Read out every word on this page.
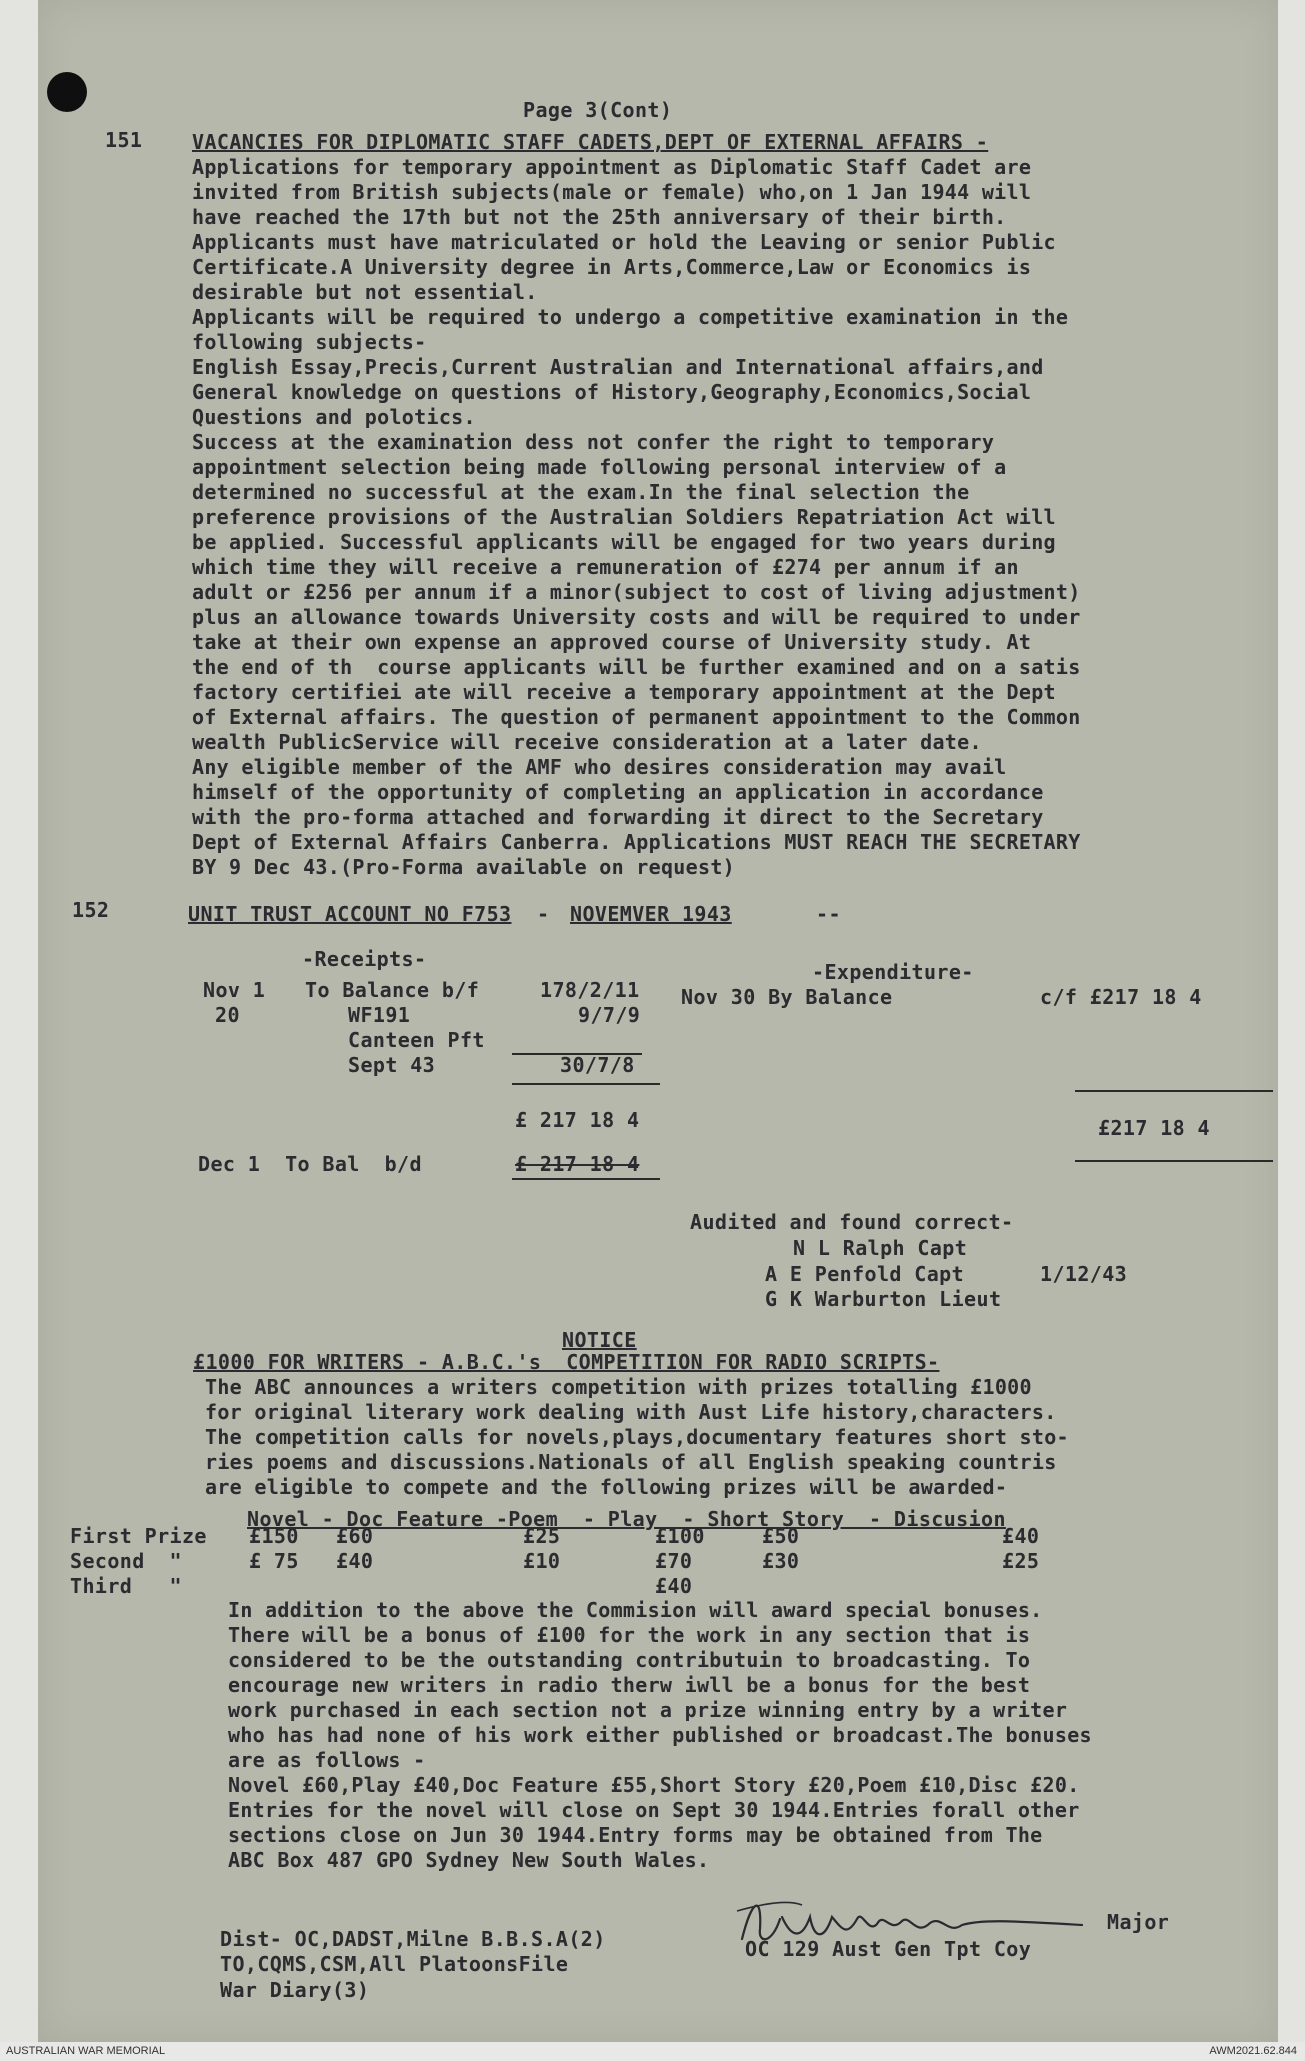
Page 3(Cont)
151 VACANCIES FOR DIPLOMATIC STAFF CADETS,DEPT OF EXTERNAL AFFAIRS -
Applications for temporary appointment as Diplomatic Staff Cadet are
invited from British subjects(male or female) who,on 1 Jan 1944 will
have reached the 17th but not the 25th anniversary of their birth.
Applicants must have matriculated or hold the Leaving or senior Public
Certificate.A University degree in Arts,Commerce,Law or Economics is
desirable but not essential.
Applicants will be required to undergo a competitive examination in the
following subjects-
English Essay,Precis,Current Australian and International affairs,and
General knowledge on questions of History,Geography,Economics,Social
Questions and polotics.
Success at the examination dess not confer the right to temporary
appointment selection being made following personal interview of a
determined no successful at the exam.In the final selection the
preference provisions of the Australian Soldiers Repatriation Act will
be applied. Successful applicants will be engaged for two years during
which time they will receive a remuneration of £274 per annum if an
adult or £256 per annum if a minor(subject to cost of living adjustment)
plus an allowance towards University costs and will be required to under
take at their own expense an approved course of University study. At
the end of th  course applicants will be further examined and on a satis
factory certifiei ate will receive a temporary appointment at the Dept
of External affairs. The question of permanent appointment to the Common
wealth PublicService will receive consideration at a later date.
Any eligible member of the AMF who desires consideration may avail
himself of the opportunity of completing an application in accordance
with the pro-forma attached and forwarding it direct to the Secretary
Dept of External Affairs Canberra. Applications MUST REACH THE SECRETARY
BY 9 Dec 43.(Pro-Forma available on request)
152	UNIT TRUST ACCOUNT NO F753 - NOVEMVER 1943	--
-Receipts-
-Expenditure-
Nov 1
20
To Balance b/f
WF191
Canteen Pft
Sept 43
178/2/11
9/7/9
30/7/8
£ 217 18 4
Nov 30 By Balance	c/f £217 18 4
£217 18 4
Dec 1  To Bal  b/d	£ 217 18 4
Audited and found correct-
N L Ralph Capt
A E Penfold Capt	1/12/43
G K Warburton Lieut
NOTICE
£1000 FOR WRITERS - A.B.C.'s  COMPETITION FOR RADIO SCRIPTS-
The ABC announces a writers competition with prizes totalling £1000
for original literary work dealing with Aust Life history,characters.
The competition calls for novels,plays,documentary features short sto-
ries poems and discussions.Nationals of all English speaking countris
are eligible to compete and the following prizes will be awarded-
Novel - Doc Feature -Poem  - Play  - Short Story  - Discusion
First Prize £150 £60	£25	£100	£50	£40
Second  "	£ 75 £40	£10	£70	£30	£25
Third   "	£40
In addition to the above the Commision will award special bonuses.
There will be a bonus of £100 for the work in any section that is
considered to be the outstanding contributuin to broadcasting. To
encourage new writers in radio therw iwll be a bonus for the best
work purchased in each section not a prize winning entry by a writer
who has had none of his work either published or broadcast.The bonuses
are as follows -
Novel £60,Play £40,Doc Feature £55,Short Story £20,Poem £10,Disc £20.
Entries for the novel will close on Sept 30 1944.Entries forall other
sections close on Jun 30 1944.Entry forms may be obtained from The
ABC Box 487 GPO Sydney New South Wales.
Major
OC 129 Aust Gen Tpt Coy
Dist- OC,DADST,Milne B.B.S.A(2)
TO,CQMS,CSM,All PlatoonsFile
War Diary(3)
AUSTRALIAN WAR MEMORIAL	AWM2021.62.844
